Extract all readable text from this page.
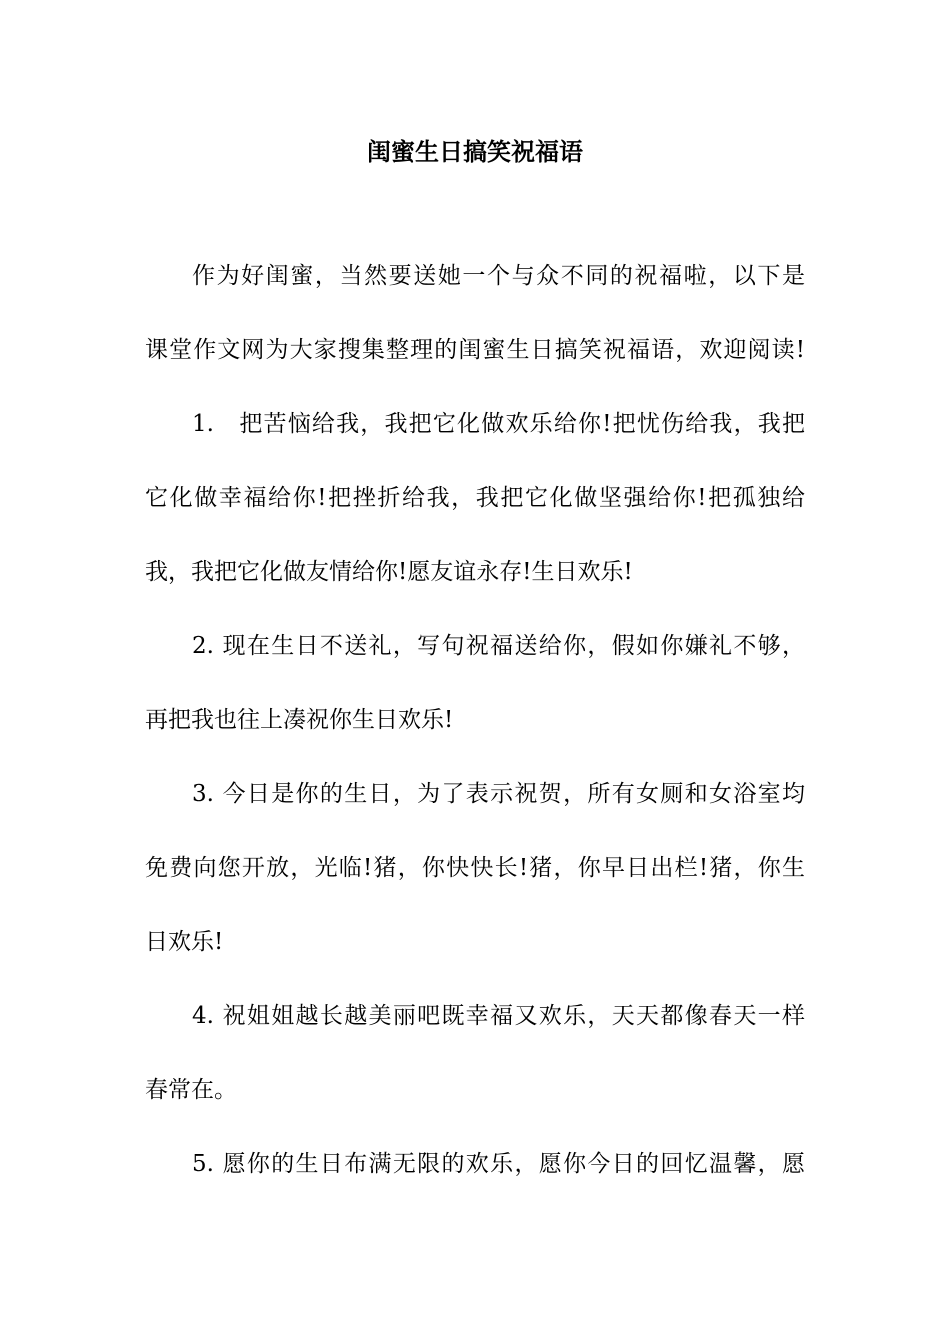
闺蜜生日搞笑祝福语
作为好闺蜜，当然要送她一个与众不同的祝福啦，以下是
课堂作文网为大家搜集整理的闺蜜生日搞笑祝福语，欢迎阅读!
1.　把苦恼给我，我把它化做欢乐给你!把忧伤给我，我把
它化做幸福给你!把挫折给我，我把它化做坚强给你!把孤独给
我，我把它化做友情给你!愿友谊永存!生日欢乐!
2. 现在生日不送礼，写句祝福送给你，假如你嫌礼不够，
再把我也往上凑祝你生日欢乐!
3. 今日是你的生日，为了表示祝贺，所有女厕和女浴室均
免费向您开放，光临!猪，你快快长!猪，你早日出栏!猪，你生
日欢乐!
4. 祝姐姐越长越美丽吧既幸福又欢乐，天天都像春天一样
春常在。
5. 愿你的生日布满无限的欢乐，愿你今日的回忆温馨，愿
